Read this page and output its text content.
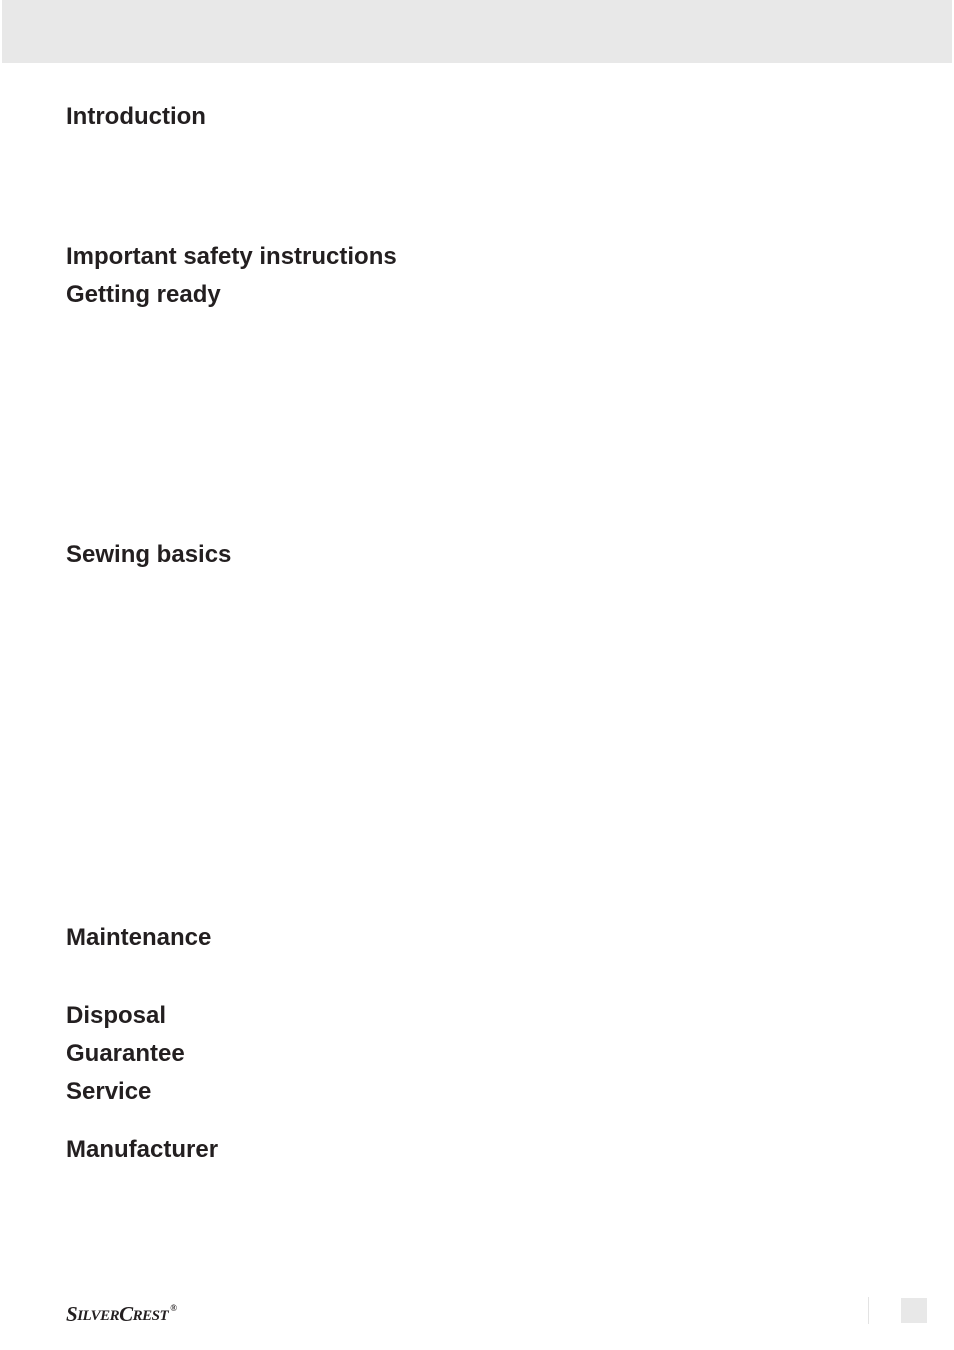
Introduction
Important safety instructions
Getting ready
Sewing basics
Maintenance
Disposal
Guarantee
Service
Manufacturer
S ILVER C REST ®
